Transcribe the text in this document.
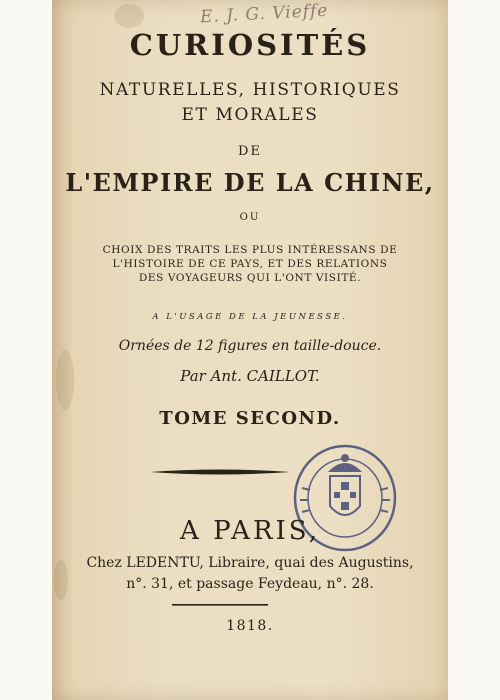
E. J. G. Vieffe
CURIOSITÉS
NATURELLES, HISTORIQUES
ET MORALES
DE
L'EMPIRE DE LA CHINE,
OU
CHOIX DES TRAITS LES PLUS INTÉRESSANS DE
L'HISTOIRE DE CE PAYS, ET DES RELATIONS
DES VOYAGEURS QUI L'ONT VISITÉ.
A L'USAGE DE LA JEUNESSE.
Ornées de 12 figures en taille-douce.
Par Ant. CAILLOT.
TOME SECOND.
A PARIS,
Chez LEDENTU, Libraire, quai des Augustins,
n°. 31, et passage Feydeau, n°. 28.
1818.
